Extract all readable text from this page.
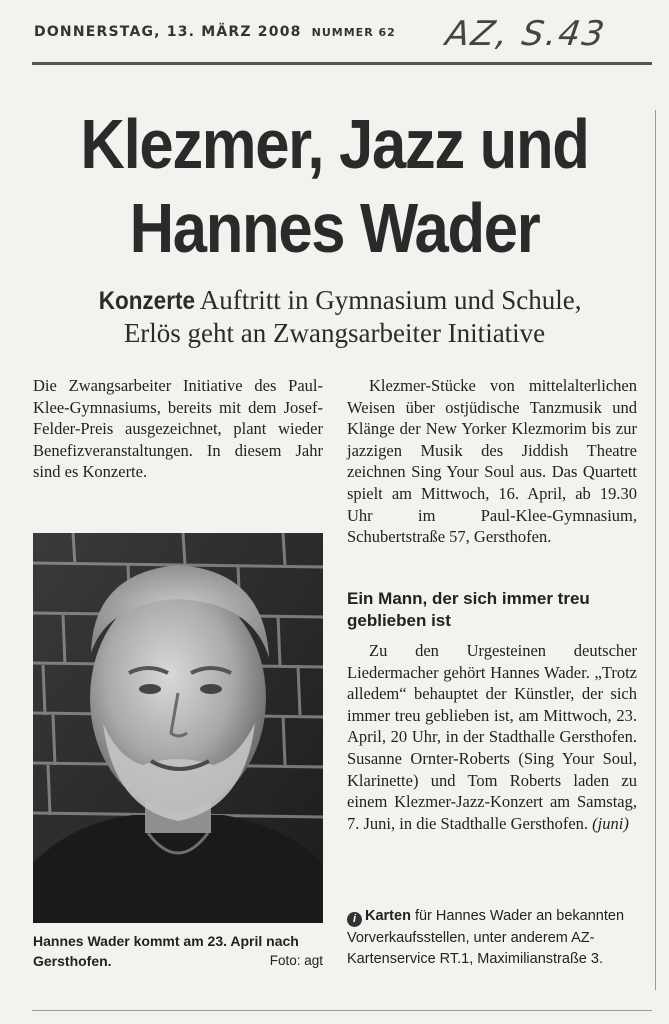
DONNERSTAG, 13. MÄRZ 2008 NUMMER 62 AZ, S.43
Klezmer, Jazz und
Hannes Wader
Konzerte Auftritt in Gymnasium und Schule,
Erlös geht an Zwangsarbeiter Initiative

Die Zwangsarbeiter Initiative des Paul-Klee-Gymnasiums, bereits mit dem Josef-Felder-Preis ausgezeichnet, plant wieder Benefizveranstaltungen. In diesem Jahr sind es Konzerte.

Hannes Wader kommt am 23. April nach Gersthofen.	Foto: agt

Klezmer-Stücke von mittelalterlichen Weisen über ostjüdische Tanzmusik und Klänge der New Yorker Klezmorim bis zur jazzigen Musik des Jiddish Theatre zeichnen Sing Your Soul aus. Das Quartett spielt am Mittwoch, 16. April, ab 19.30 Uhr im Paul-Klee-Gymnasium, Schubertstraße 57, Gersthofen.

Ein Mann, der sich immer treu geblieben ist

Zu den Urgesteinen deutscher Liedermacher gehört Hannes Wader. „Trotz alledem“ behauptet der Künstler, der sich immer treu geblieben ist, am Mittwoch, 23. April, 20 Uhr, in der Stadthalle Gersthofen. Susanne Ornter-Roberts (Sing Your Soul, Klarinette) und Tom Roberts laden zu einem Klezmer-Jazz-Konzert am Samstag, 7. Juni, in die Stadthalle Gersthofen. (juni)

i Karten für Hannes Wader an bekannten Vorverkaufsstellen, unter anderem AZ-Kartenservice RT.1, Maximilianstraße 3.
